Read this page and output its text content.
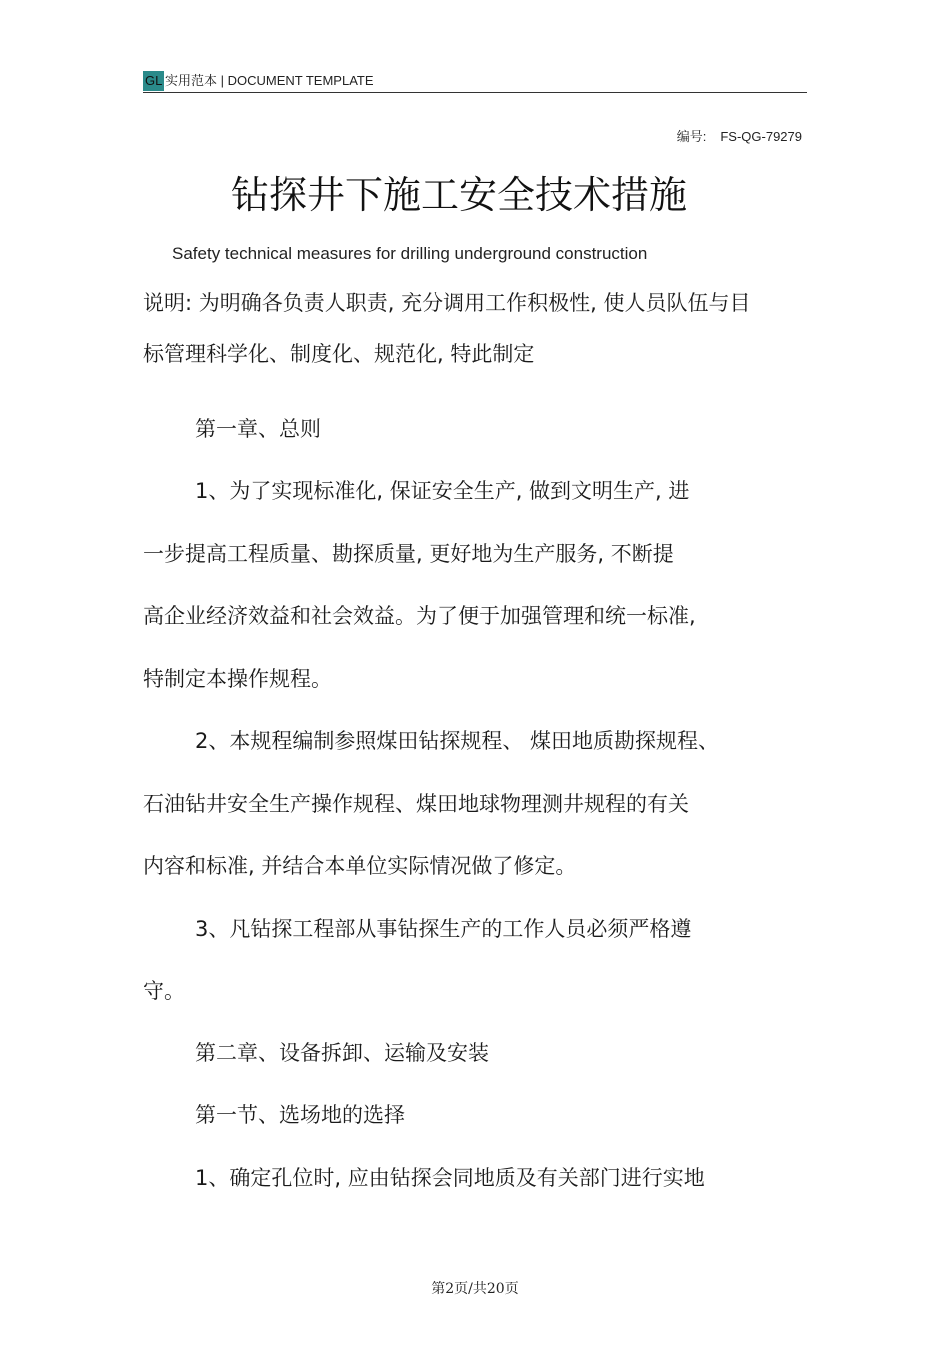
GL 实用范本 | DOCUMENT TEMPLATE
编号: FS-QG-79279
钻探井下施工安全技术措施
Safety technical measures for drilling underground construction
说明: 为明确各负责人职责, 充分调用工作积极性, 使人员队伍与目
标管理科学化、制度化、规范化, 特此制定
第一章、总则
1、为了实现标准化, 保证安全生产, 做到文明生产, 进
一步提高工程质量、勘探质量, 更好地为生产服务, 不断提
高企业经济效益和社会效益。为了便于加强管理和统一标准,
特制定本操作规程。
2、本规程编制参照煤田钻探规程、 煤田地质勘探规程、
石油钻井安全生产操作规程、煤田地球物理测井规程的有关
内容和标准, 并结合本单位实际情况做了修定。
3、凡钻探工程部从事钻探生产的工作人员必须严格遵
守。
第二章、设备拆卸、运输及安装
第一节、选场地的选择
1、确定孔位时, 应由钻探会同地质及有关部门进行实地
第2页/共20页
